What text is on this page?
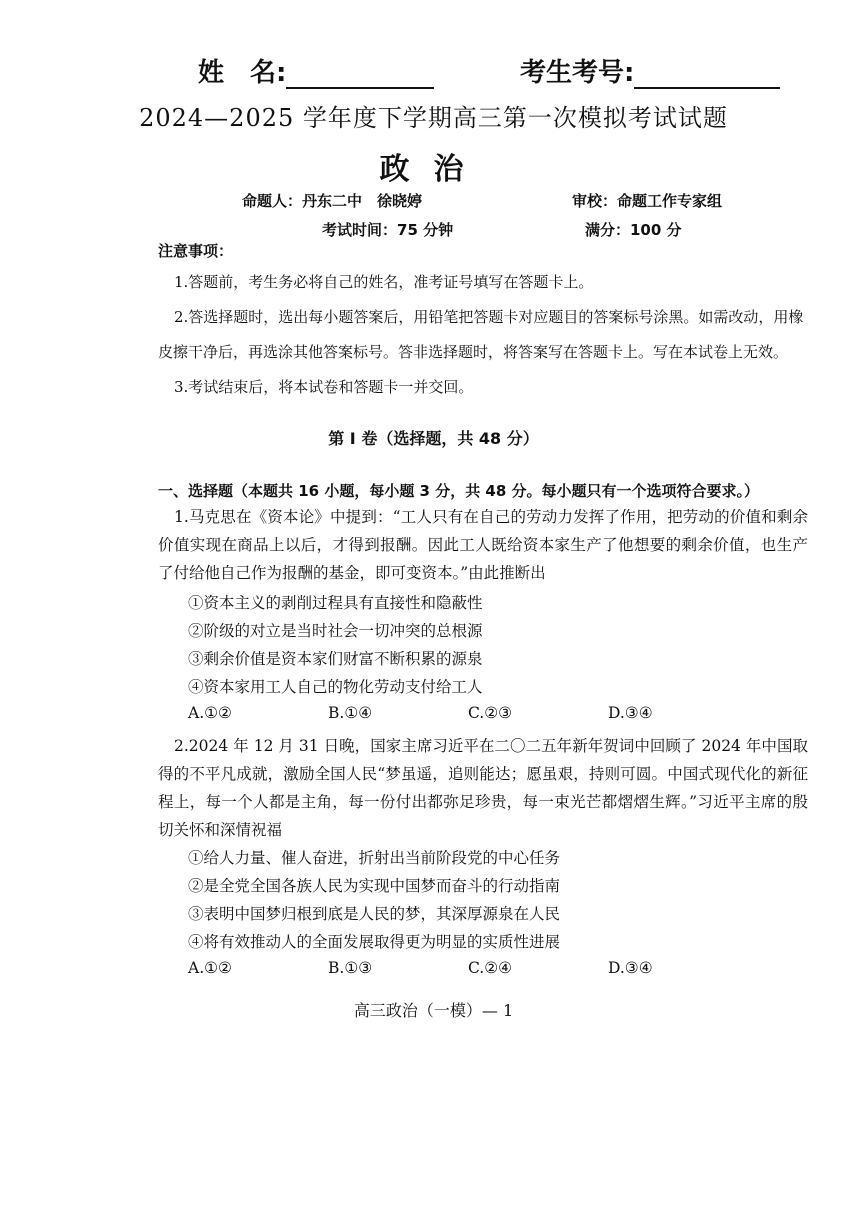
姓　名:	考生考号:
2024—2025 学年度下学期高三第一次模拟考试试题
政治
命题人：丹东二中　徐晓婷	审校：命题工作专家组
考试时间：75 分钟	满分：100 分
注意事项：
1.答题前，考生务必将自己的姓名，准考证号填写在答题卡上。
2.答选择题时，选出每小题答案后，用铅笔把答题卡对应题目的答案标号涂黑。如需改动，用橡皮擦干净后，再选涂其他答案标号。答非选择题时，将答案写在答题卡上。写在本试卷上无效。
3.考试结束后，将本试卷和答题卡一并交回。
第 I 卷（选择题，共 48 分）
一、选择题（本题共 16 小题，每小题 3 分，共 48 分。每小题只有一个选项符合要求。）
1.马克思在《资本论》中提到：“工人只有在自己的劳动力发挥了作用，把劳动的价值和剩余价值实现在商品上以后，才得到报酬。因此工人既给资本家生产了他想要的剩余价值，也生产了付给他自己作为报酬的基金，即可变资本。”由此推断出
①资本主义的剥削过程具有直接性和隐蔽性
②阶级的对立是当时社会一切冲突的总根源
③剩余价值是资本家们财富不断积累的源泉
④资本家用工人自己的物化劳动支付给工人
A.①②	B.①④	C.②③	D.③④
2.2024 年 12 月 31 日晚，国家主席习近平在二〇二五年新年贺词中回顾了 2024 年中国取得的不平凡成就，激励全国人民“梦虽遥，追则能达；愿虽艰，持则可圆。中国式现代化的新征程上，每一个人都是主角，每一份付出都弥足珍贵，每一束光芒都熠熠生辉。”习近平主席的殷切关怀和深情祝福
①给人力量、催人奋进，折射出当前阶段党的中心任务
②是全党全国各族人民为实现中国梦而奋斗的行动指南
③表明中国梦归根到底是人民的梦，其深厚源泉在人民
④将有效推动人的全面发展取得更为明显的实质性进展
A.①②	B.①③	C.②④	D.③④
高三政治（一模）— 1
